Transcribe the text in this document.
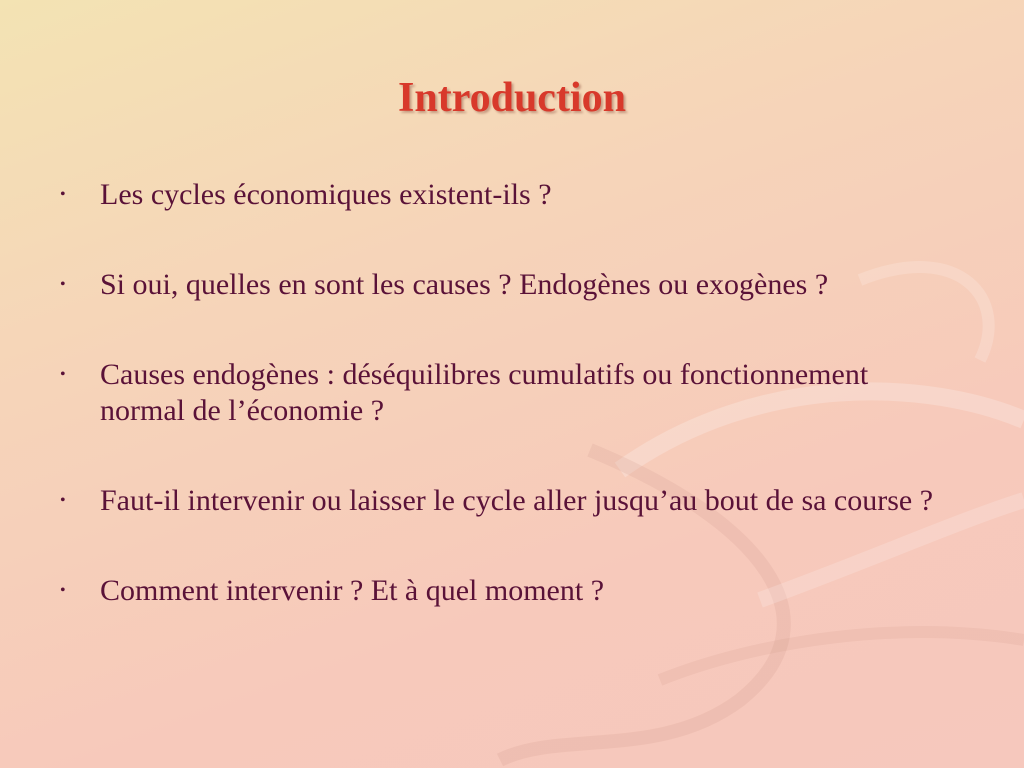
Introduction
•	Les cycles économiques existent-ils ?
•	Si oui, quelles en sont les causes ? Endogènes ou exogènes ?
•	Causes endogènes : déséquilibres cumulatifs ou fonctionnement normal de l’économie ?
•	Faut-il intervenir ou laisser le cycle aller jusqu’au bout de sa course ?
•	Comment intervenir ? Et à quel moment ?
